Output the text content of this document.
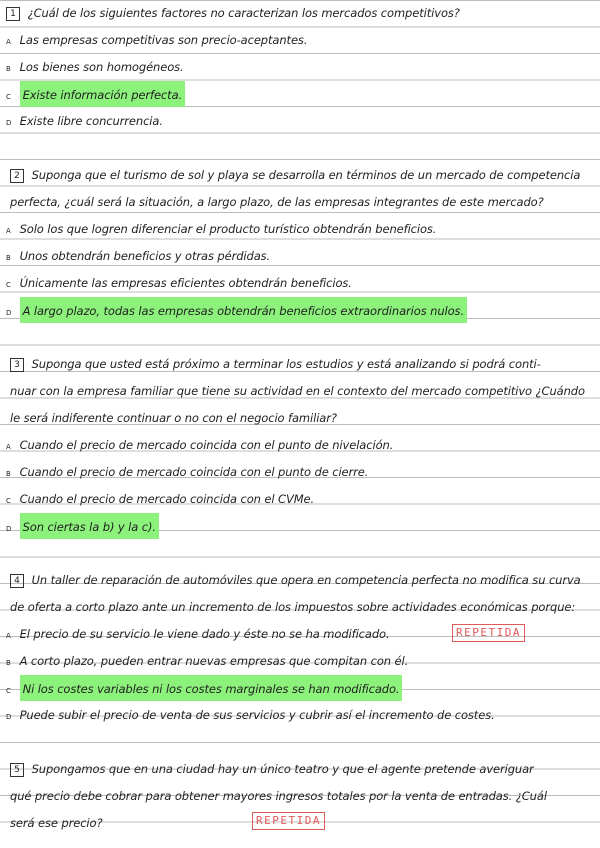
1 ¿Cuál de los siguientes factores no caracterizan los mercados competitivos?
A Las empresas competitivas son precio-aceptantes.
B Los bienes son homogéneos.
C Existe información perfecta.
D Existe libre concurrencia.
2 Suponga que el turismo de sol y playa se desarrolla en términos de un mercado de competencia
perfecta, ¿cuál será la situación, a largo plazo, de las empresas integrantes de este mercado?
A Solo los que logren diferenciar el producto turístico obtendrán beneficios.
B Unos obtendrán beneficios y otras pérdidas.
C Únicamente las empresas eficientes obtendrán beneficios.
D A largo plazo, todas las empresas obtendrán beneficios extraordinarios nulos.
3 Suponga que usted está próximo a terminar los estudios y está analizando si podrá conti-
nuar con la empresa familiar que tiene su actividad en el contexto del mercado competitivo ¿Cuándo
le será indiferente continuar o no con el negocio familiar?
A Cuando el precio de mercado coincida con el punto de nivelación.
B Cuando el precio de mercado coincida con el punto de cierre.
C Cuando el precio de mercado coincida con el CVMe.
D Son ciertas la b) y la c).
4 Un taller de reparación de automóviles que opera en competencia perfecta no modifica su curva
de oferta a corto plazo ante un incremento de los impuestos sobre actividades económicas porque:
A El precio de su servicio le viene dado y éste no se ha modificado.	REPETIDA
B A corto plazo, pueden entrar nuevas empresas que compitan con él.
C Ni los costes variables ni los costes marginales se han modificado.
D Puede subir el precio de venta de sus servicios y cubrir así el incremento de costes.
5 Supongamos que en una ciudad hay un único teatro y que el agente pretende averiguar
qué precio debe cobrar para obtener mayores ingresos totales por la venta de entradas. ¿Cuál
será ese precio?	REPETIDA
